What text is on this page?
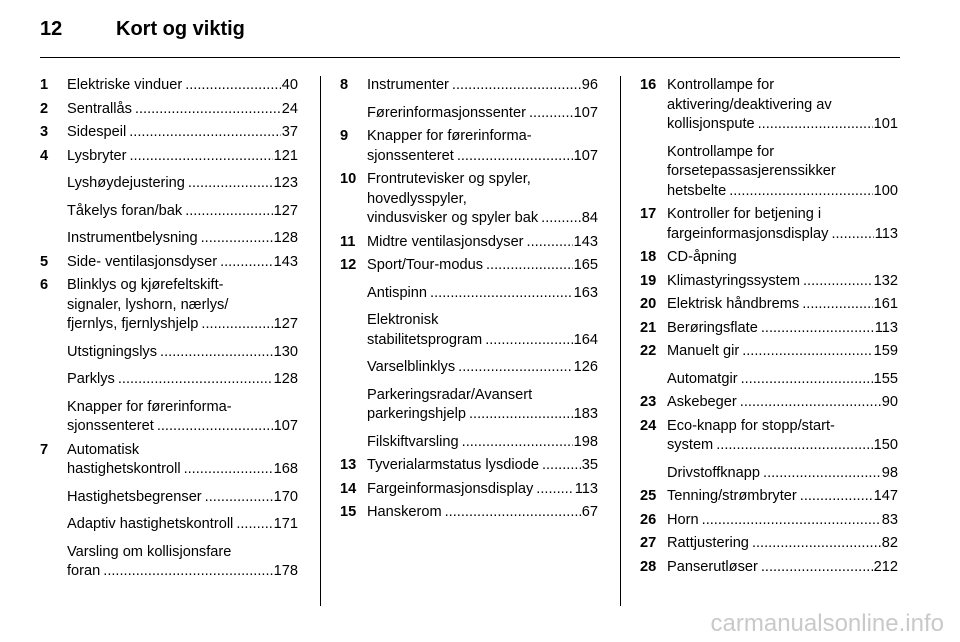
12	Kort og viktig
1	Elektriske vinduer .....	40
2	Sentrallås .....	24
3	Sidespeil .....	37
4	Lysbryter .....	121
Lyshøydejustering .....	123
Tåkelys foran/bak .....	127
Instrumentbelysning .....	128
5	Side- ventilasjonsdyser .....	143
6	Blinklys og kjørefeltskift-
signaler, lyshorn, nærlys/
fjernlys, fjernlyshjelp .....	127
Utstigningslys .....	130
Parklys .....	128
Knapper for førerinforma-
sjonssenteret .....	107
7	Automatisk
hastighetskontroll .....	168
Hastighetsbegrenser .....	170
Adaptiv hastighetskontroll .....	171
Varsling om kollisjonsfare
foran .....	178
8	Instrumenter .....	96
Førerinformasjonssenter .....	107
9	Knapper for førerinforma-
sjonssenteret .....	107
10 Frontrutevisker og spyler,
hovedlysspyler,
vindusvisker og spyler bak .....	84
11 Midtre ventilasjonsdyser .....	143
12 Sport/Tour-modus .....	165
Antispinn .....	163
Elektronisk
stabilitetsprogram .....	164
Varselblinklys .....	126
Parkeringsradar/Avansert
parkeringshjelp .....	183
Filskiftvarsling .....	198
13 Tyverialarmstatus lysdiode .....	35
14 Fargeinformasjonsdisplay .....	113
15 Hanskerom .....	67
16 Kontrollampe for
aktivering/deaktivering av
kollisjonspute .....	101
Kontrollampe for
forsetepassasjerenssikker
hetsbelte .....	100
17 Kontroller for betjening i
fargeinformasjonsdisplay .....	113
18 CD-åpning
19 Klimastyringssystem .....	132
20 Elektrisk håndbrems .....	161
21 Berøringsflate .....	113
22 Manuelt gir .....	159
Automatgir .....	155
23 Askebeger .....	90
24 Eco-knapp for stopp/start-
system .....	150
Drivstoffknapp .....	98
25 Tenning/strømbryter .....	147
26 Horn .....	83
27 Rattjustering .....	82
28 Panserutløser .....	212
carmanualsonline.info
